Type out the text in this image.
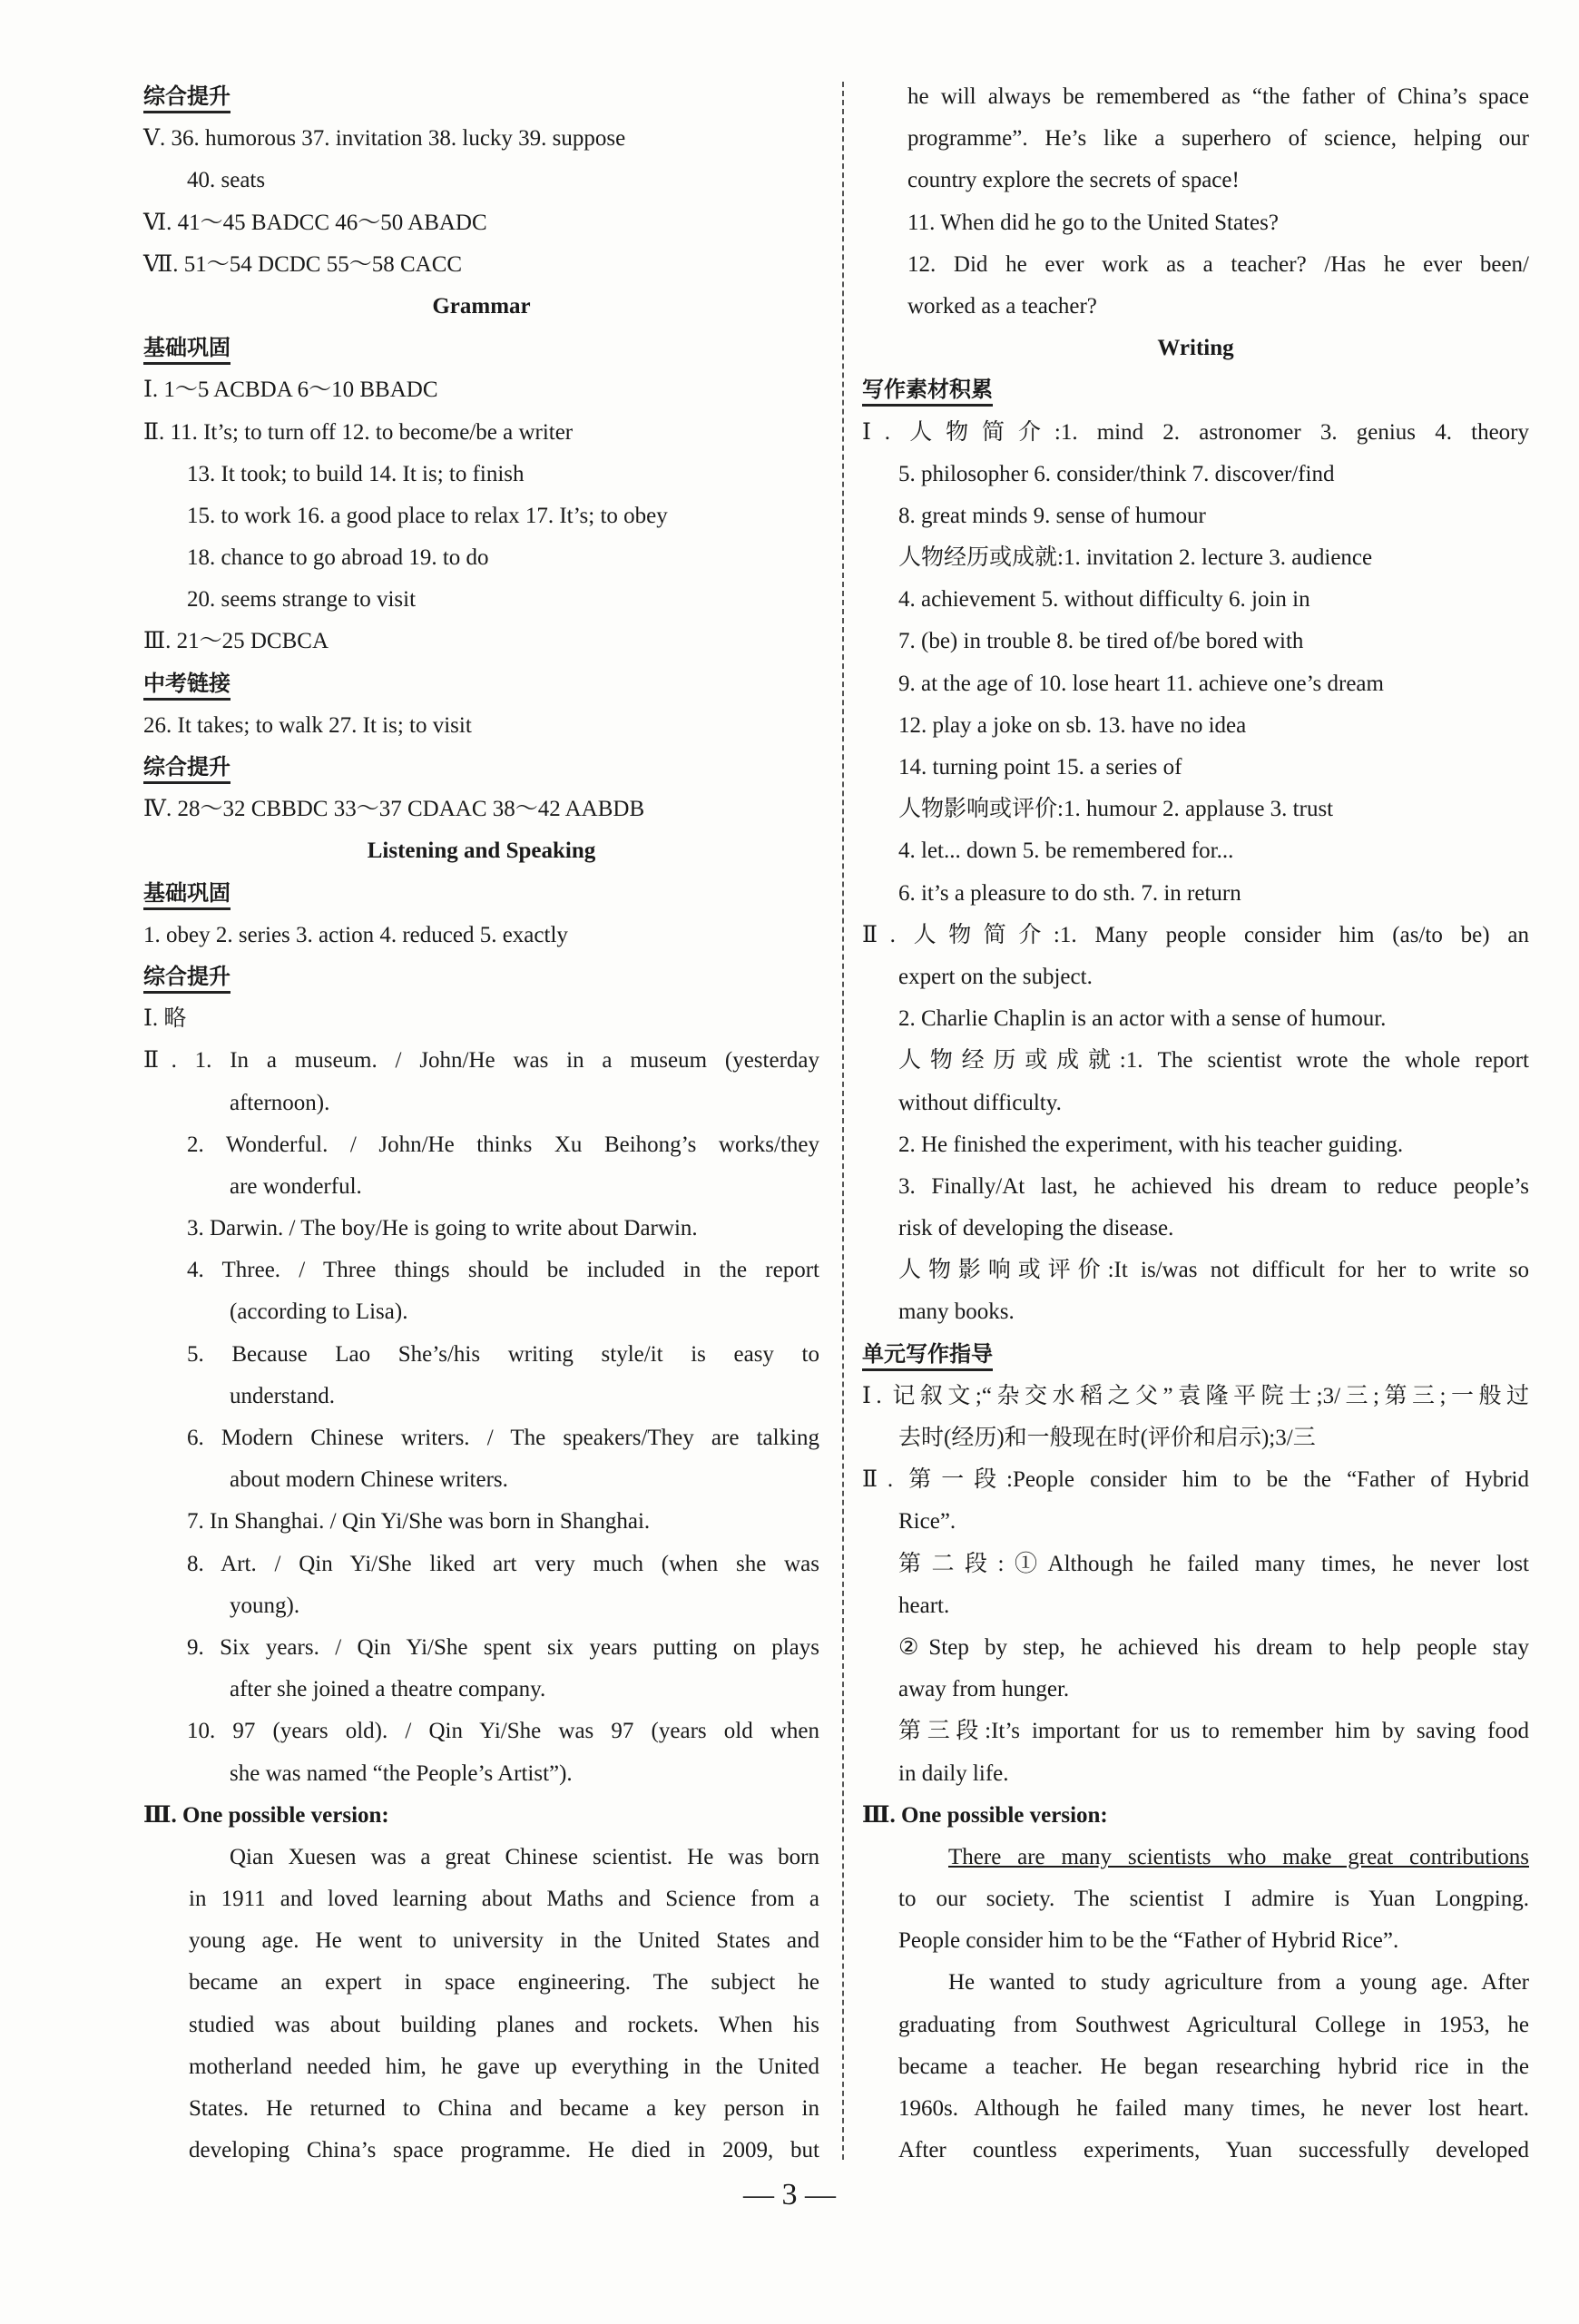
综合提升
Ⅴ. 36. humorous 37. invitation 38. lucky 39. suppose
40. seats
Ⅵ. 41～45 BADCC 46～50 ABADC
Ⅶ. 51～54 DCDC 55～58 CACC
Grammar
基础巩固
Ⅰ. 1～5 ACBDA 6～10 BBADC
Ⅱ. 11. It’s; to turn off 12. to become/be a writer
13. It took; to build 14. It is; to finish
15. to work 16. a good place to relax 17. It’s; to obey
18. chance to go abroad 19. to do
20. seems strange to visit
Ⅲ. 21～25 DCBCA
中考链接
26. It takes; to walk 27. It is; to visit
综合提升
Ⅳ. 28～32 CBBDC 33～37 CDAAC 38～42 AABDB
Listening and Speaking
基础巩固
1. obey 2. series 3. action 4. reduced 5. exactly
综合提升
Ⅰ. 略
Ⅱ. 1. In a museum. / John/He was in a museum (yesterday
afternoon).
2. Wonderful. / John/He thinks Xu Beihong’s works/they
are wonderful.
3. Darwin. / The boy/He is going to write about Darwin.
4. Three. / Three things should be included in the report
(according to Lisa).
5. Because Lao She’s/his writing style/it is easy to
understand.
6. Modern Chinese writers. / The speakers/They are talking
about modern Chinese writers.
7. In Shanghai. / Qin Yi/She was born in Shanghai.
8. Art. / Qin Yi/She liked art very much (when she was
young).
9. Six years. / Qin Yi/She spent six years putting on plays
after she joined a theatre company.
10. 97 (years old). / Qin Yi/She was 97 (years old when
she was named “the People’s Artist”).
Ⅲ. One possible version:
Qian Xuesen was a great Chinese scientist. He was born
in 1911 and loved learning about Maths and Science from a
young age. He went to university in the United States and
became an expert in space engineering. The subject he
studied was about building planes and rockets. When his
motherland needed him, he gave up everything in the United
States. He returned to China and became a key person in
developing China’s space programme. He died in 2009, but
he will always be remembered as “the father of China’s space
programme”. He’s like a superhero of science, helping our
country explore the secrets of space!
11. When did he go to the United States?
12. Did he ever work as a teacher? /Has he ever been/
worked as a teacher?
Writing
写作素材积累
Ⅰ. 人物简介:1. mind 2. astronomer 3. genius 4. theory
5. philosopher 6. consider/think 7. discover/find
8. great minds 9. sense of humour
人物经历或成就:1. invitation 2. lecture 3. audience
4. achievement 5. without difficulty 6. join in
7. (be) in trouble 8. be tired of/be bored with
9. at the age of 10. lose heart 11. achieve one’s dream
12. play a joke on sb. 13. have no idea
14. turning point 15. a series of
人物影响或评价:1. humour 2. applause 3. trust
4. let... down 5. be remembered for...
6. it’s a pleasure to do sth. 7. in return
Ⅱ. 人物简介:1. Many people consider him (as/to be) an
expert on the subject.
2. Charlie Chaplin is an actor with a sense of humour.
人物经历或成就:1. The scientist wrote the whole report
without difficulty.
2. He finished the experiment, with his teacher guiding.
3. Finally/At last, he achieved his dream to reduce people’s
risk of developing the disease.
人物影响或评价:It is/was not difficult for her to write so
many books.
单元写作指导
Ⅰ. 记叙文;“杂交水稻之父”袁隆平院士;3/三;第三;一般过
去时(经历)和一般现在时(评价和启示);3/三
Ⅱ. 第一段:People consider him to be the “Father of Hybrid
Rice”.
第二段:①Although he failed many times, he never lost
heart.
②Step by step, he achieved his dream to help people stay
away from hunger.
第三段:It’s important for us to remember him by saving food
in daily life.
Ⅲ. One possible version:
There are many scientists who make great contributions
to our society. The scientist I admire is Yuan Longping.
People consider him to be the “Father of Hybrid Rice”.
He wanted to study agriculture from a young age. After
graduating from Southwest Agricultural College in 1953, he
became a teacher. He began researching hybrid rice in the
1960s. Although he failed many times, he never lost heart.
After countless experiments, Yuan successfully developed
— 3 —
